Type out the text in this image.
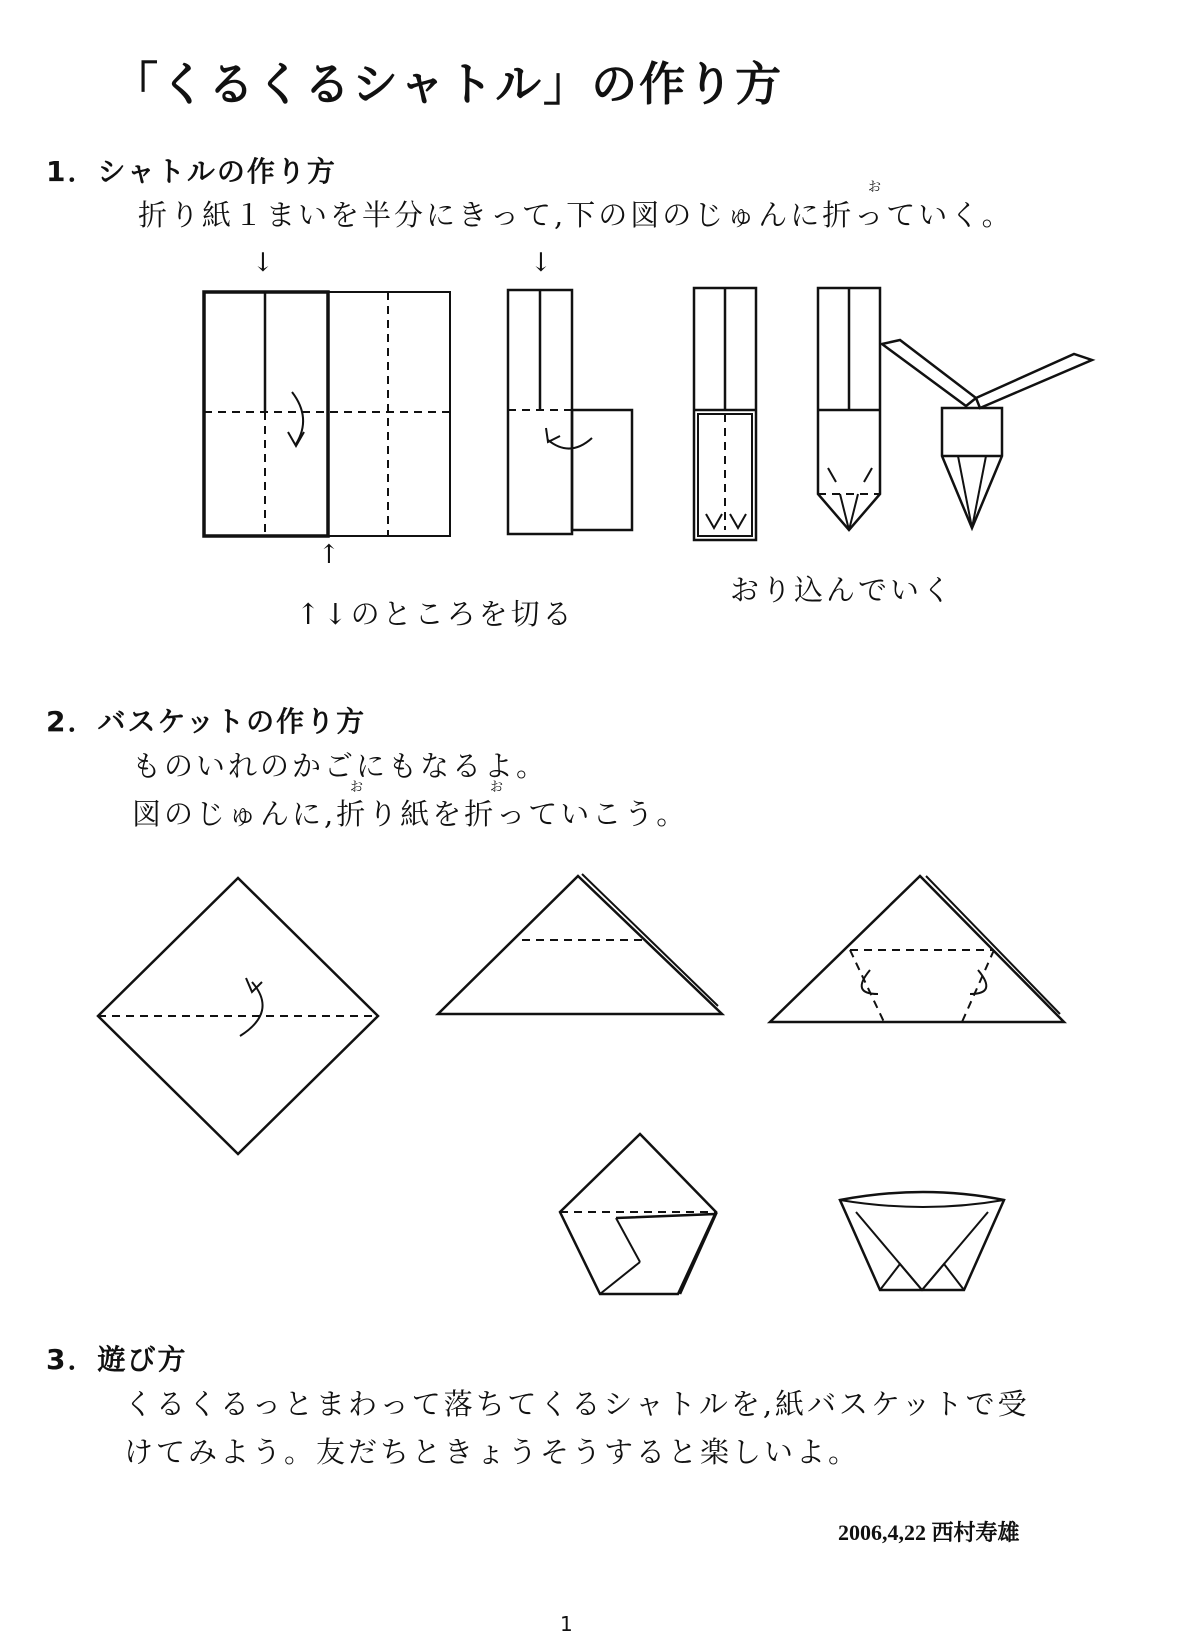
「くるくるシャトル」の作り方
1．シャトルの作り方	お
折り紙１まいを半分にきって,下の図のじゅんに折っていく。
↓	↓
↑
↑↓のところを切る
おり込んでいく
2．バスケットの作り方
ものいれのかごにもなるよ。
お	お
図のじゅんに,折り紙を折っていこう。
3．遊び方
くるくるっとまわって落ちてくるシャトルを,紙バスケットで受
けてみよう。友だちときょうそうすると楽しいよ。
2006,4,22 西村寿雄
1
